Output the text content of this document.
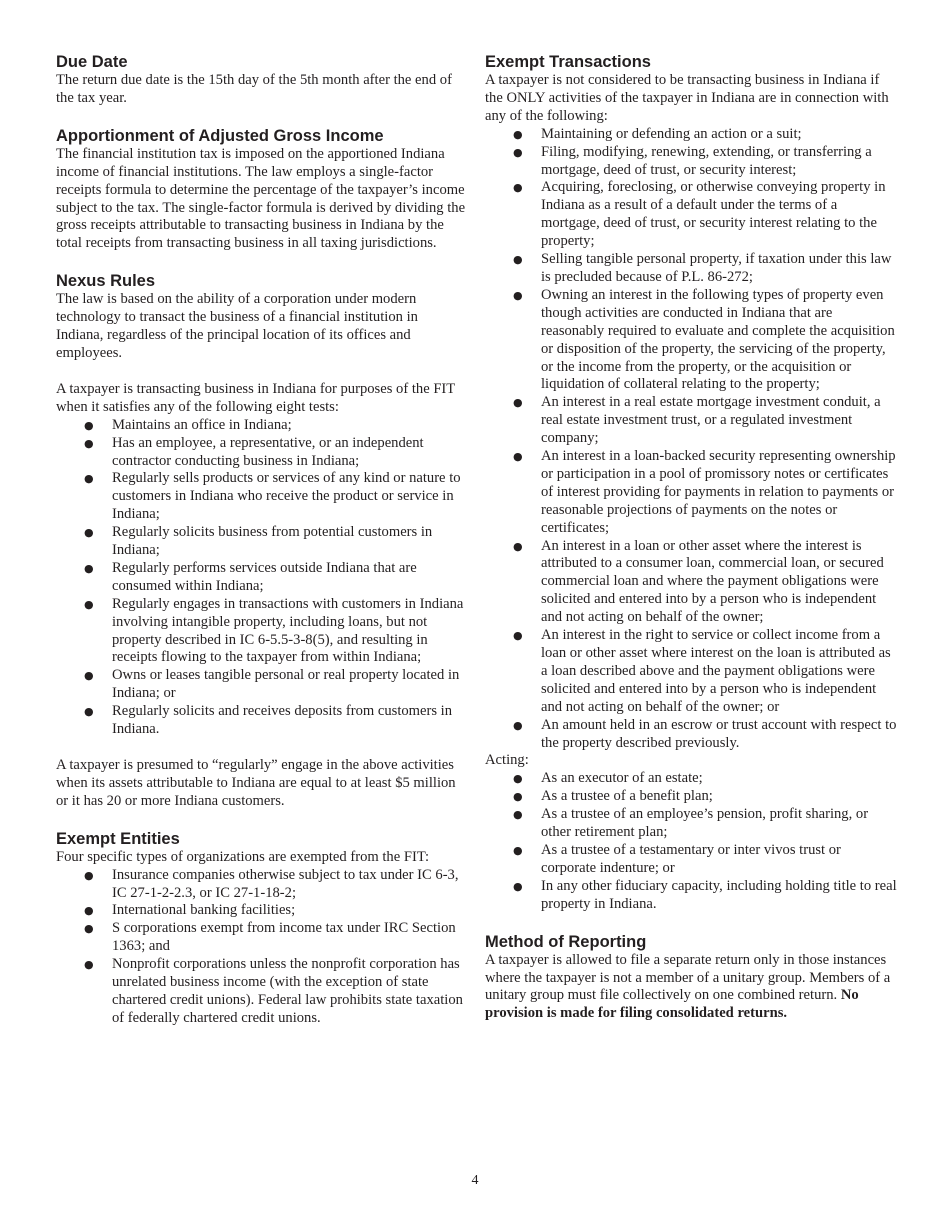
Due Date

The return due date is the 15th day of the 5th month after the end of the tax year.

Apportionment of Adjusted Gross Income

The financial institution tax is imposed on the apportioned Indiana income of financial institutions. The law employs a single-factor receipts formula to determine the percentage of the taxpayer’s income subject to the tax. The single-factor formula is derived by dividing the gross receipts attributable to transacting business in Indiana by the total receipts from transacting business in all taxing jurisdictions.

Nexus Rules

The law is based on the ability of a corporation under modern technology to transact the business of a financial institution in Indiana, regardless of the principal location of its offices and employees.

A taxpayer is transacting business in Indiana for purposes of the FIT when it satisfies any of the following eight tests:

● Maintains an office in Indiana;
● Has an employee, a representative, or an independent contractor conducting business in Indiana;
● Regularly sells products or services of any kind or nature to customers in Indiana who receive the product or service in Indiana;
● Regularly solicits business from potential customers in Indiana;
● Regularly performs services outside Indiana that are consumed within Indiana;
● Regularly engages in transactions with customers in Indiana involving intangible property, including loans, but not property described in IC 6-5.5-3-8(5), and resulting in receipts flowing to the taxpayer from within Indiana;
● Owns or leases tangible personal or real property located in Indiana; or
● Regularly solicits and receives deposits from customers in Indiana.

A taxpayer is presumed to “regularly” engage in the above activities when its assets attributable to Indiana are equal to at least $5 million or it has 20 or more Indiana customers.

Exempt Entities

Four specific types of organizations are exempted from the FIT:

● Insurance companies otherwise subject to tax under IC 6-3, IC 27-1-2-2.3, or IC 27-1-18-2;
● International banking facilities;
● S corporations exempt from income tax under IRC Section 1363; and
● Nonprofit corporations unless the nonprofit corporation has unrelated business income (with the exception of state chartered credit unions). Federal law prohibits state taxation of federally chartered credit unions.
Exempt Transactions

A taxpayer is not considered to be transacting business in Indiana if the ONLY activities of the taxpayer in Indiana are in connection with any of the following:

● Maintaining or defending an action or a suit;
● Filing, modifying, renewing, extending, or transferring a mortgage, deed of trust, or security interest;
● Acquiring, foreclosing, or otherwise conveying property in Indiana as a result of a default under the terms of a mortgage, deed of trust, or security interest relating to the property;
● Selling tangible personal property, if taxation under this law is precluded because of P.L. 86-272;
● Owning an interest in the following types of property even though activities are conducted in Indiana that are reasonably required to evaluate and complete the acquisition or disposition of the property, the servicing of the property, or the income from the property, or the acquisition or liquidation of collateral relating to the property;
● An interest in a real estate mortgage investment conduit, a real estate investment trust, or a regulated investment company;
● An interest in a loan-backed security representing ownership or participation in a pool of promissory notes or certificates of interest providing for payments in relation to payments or reasonable projections of payments on the notes or certificates;
● An interest in a loan or other asset where the interest is attributed to a consumer loan, commercial loan, or secured commercial loan and where the payment obligations were solicited and entered into by a person who is independent and not acting on behalf of the owner;
● An interest in the right to service or collect income from a loan or other asset where interest on the loan is attributed as a loan described above and the payment obligations were solicited and entered into by a person who is independent and not acting on behalf of the owner; or
● An amount held in an escrow or trust account with respect to the property described previously.

Acting:

● As an executor of an estate;
● As a trustee of a benefit plan;
● As a trustee of an employee’s pension, profit sharing, or other retirement plan;
● As a trustee of a testamentary or inter vivos trust or corporate indenture; or
● In any other fiduciary capacity, including holding title to real property in Indiana.
Method of Reporting

A taxpayer is allowed to file a separate return only in those instances where the taxpayer is not a member of a unitary group. Members of a unitary group must file collectively on one combined return. No provision is made for filing consolidated returns.

4
